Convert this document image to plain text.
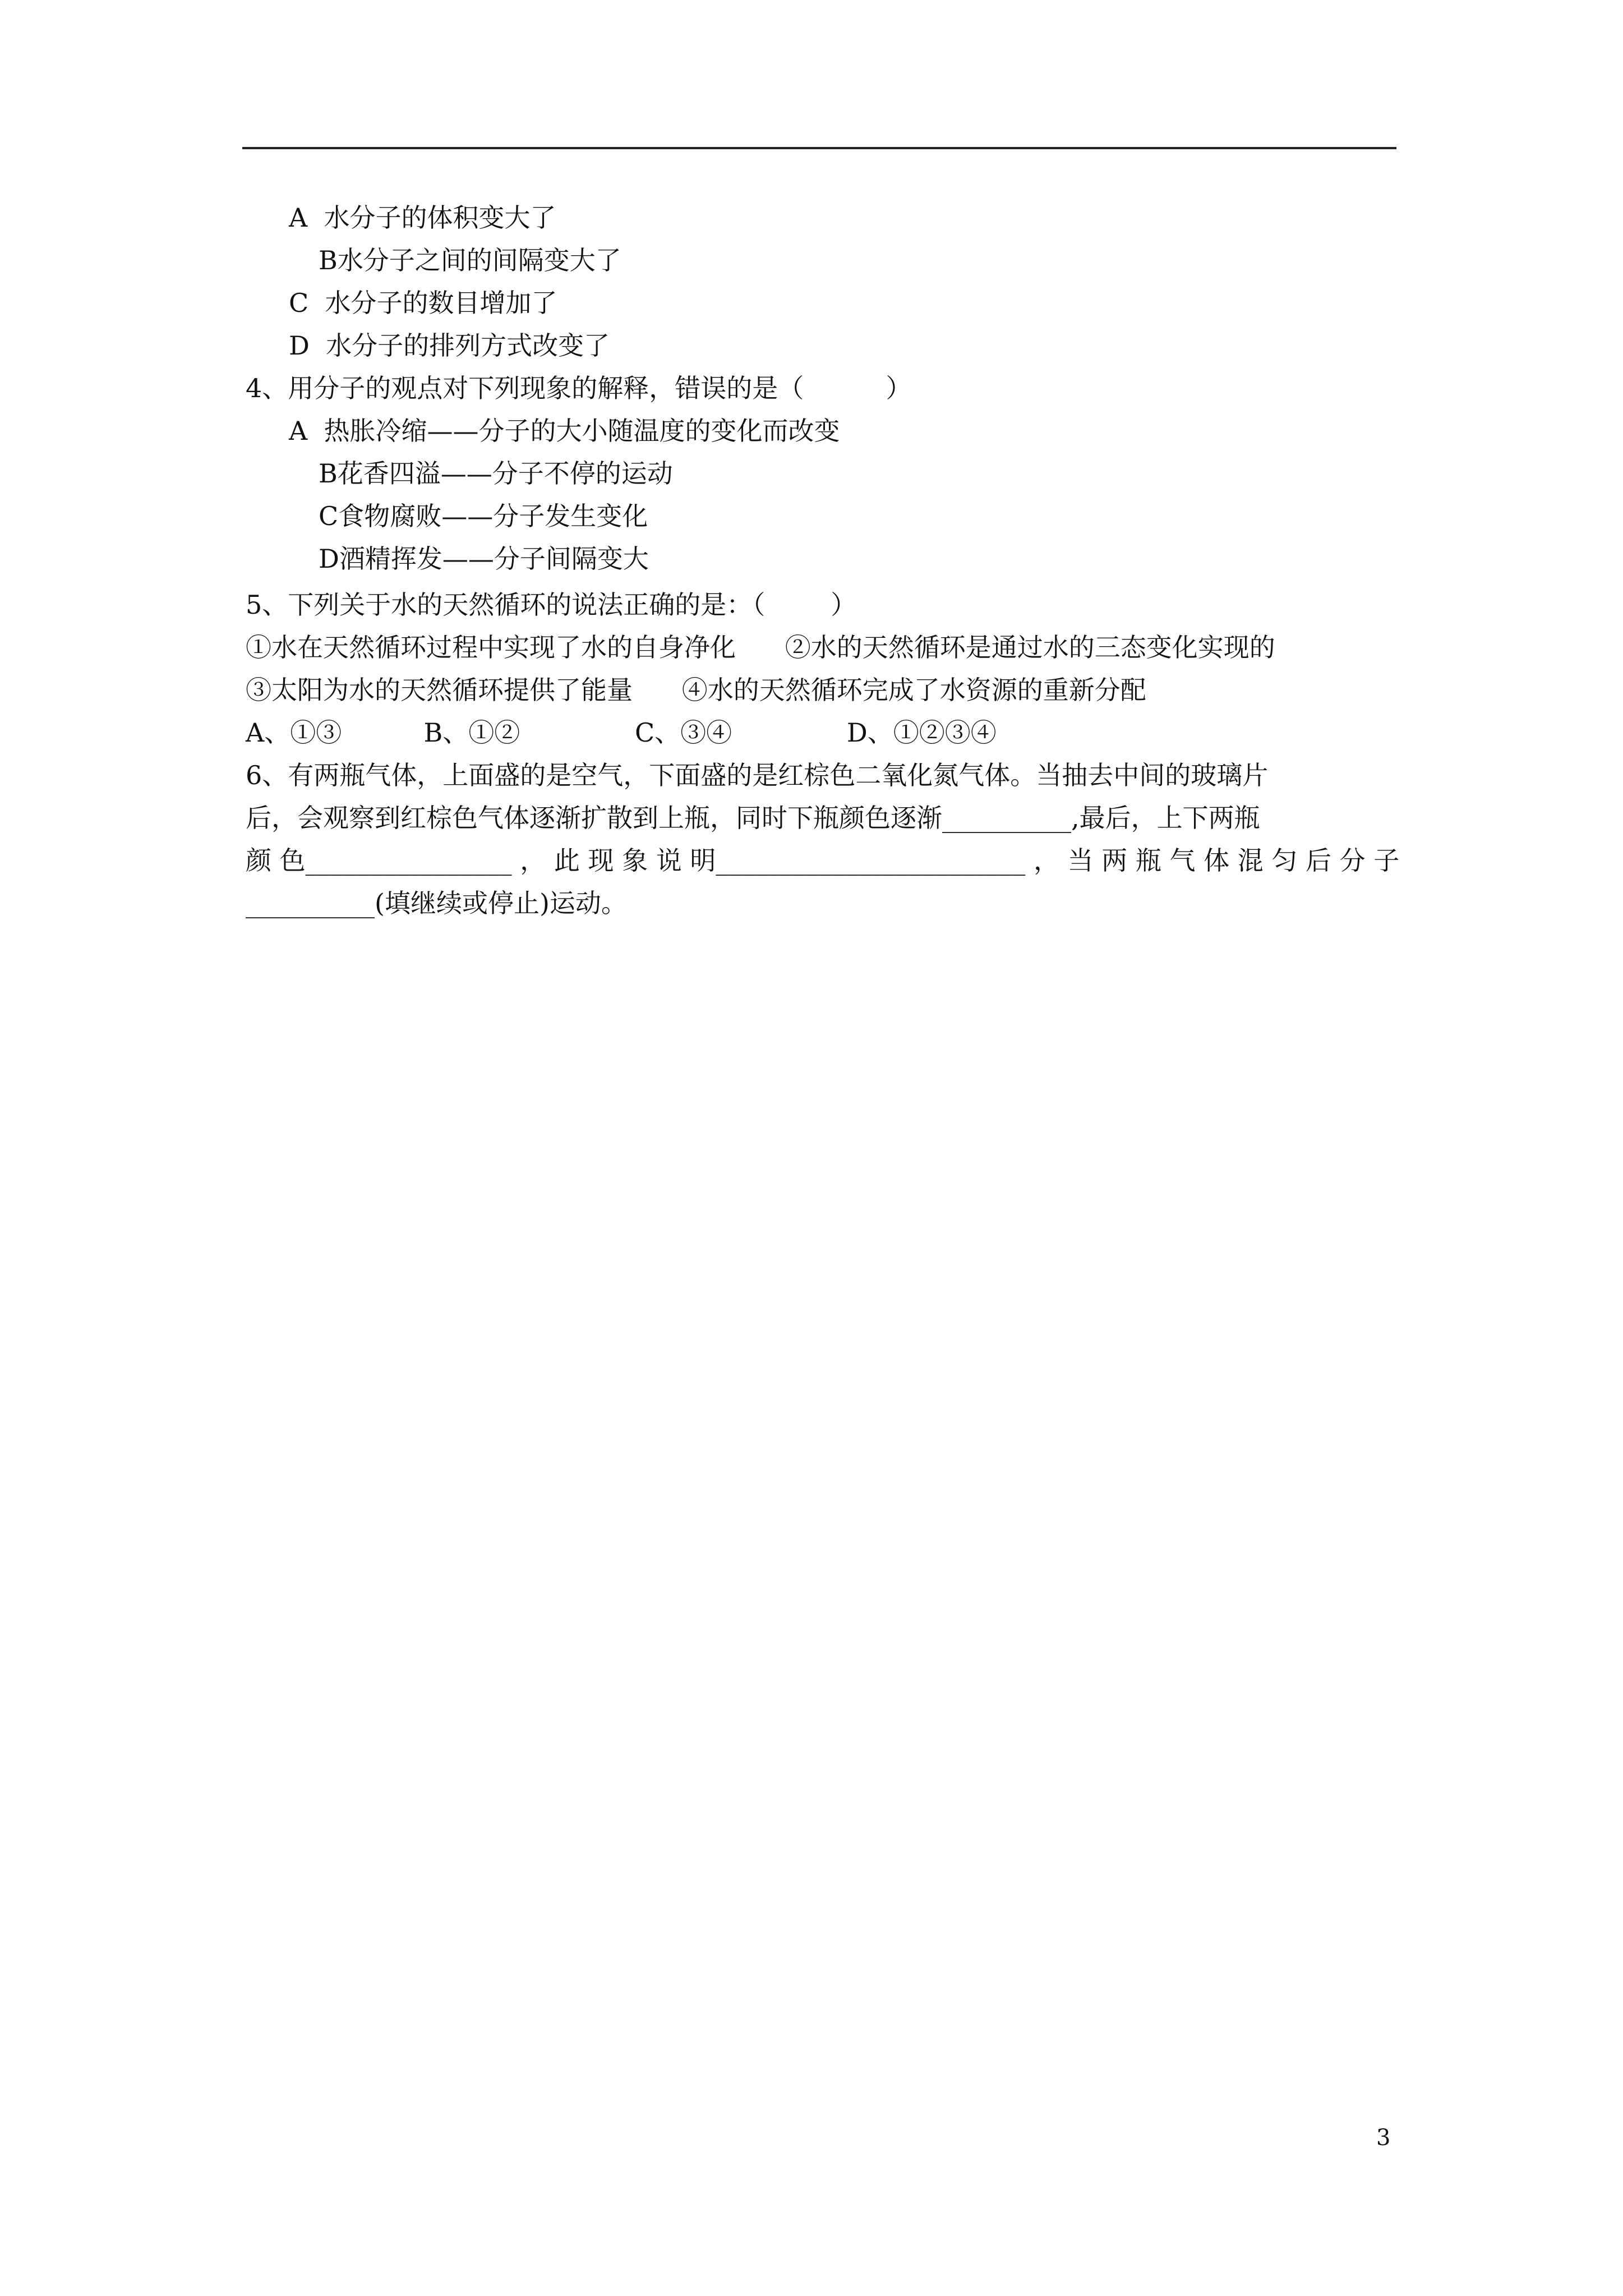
A  水分子的体积变大了
B水分子之间的间隔变大了
C  水分子的数目增加了
D  水分子的排列方式改变了
4、用分子的观点对下列现象的解释，错误的是（          ）
A  热胀冷缩——分子的大小随温度的变化而改变
B花香四溢——分子不停的运动
C食物腐败——分子发生变化
D酒精挥发——分子间隔变大
5、下列关于水的天然循环的说法正确的是：（        ）
①水在天然循环过程中实现了水的自身净化      ②水的天然循环是通过水的三态变化实现的
③太阳为水的天然循环提供了能量      ④水的天然循环完成了水资源的重新分配
A、①③          B、①②              C、③④              D、①②③④
6、有两瓶气体，上面盛的是空气，下面盛的是红棕色二氧化氮气体。当抽去中间的玻璃片
后，会观察到红棕色气体逐渐扩散到上瓶，同时下瓶颜色逐渐__________,最后，上下两瓶
颜 色________________ ， 此 现 象 说 明________________________ ， 当 两 瓶 气 体 混 匀 后 分 子
__________(填继续或停止)运动。
3
